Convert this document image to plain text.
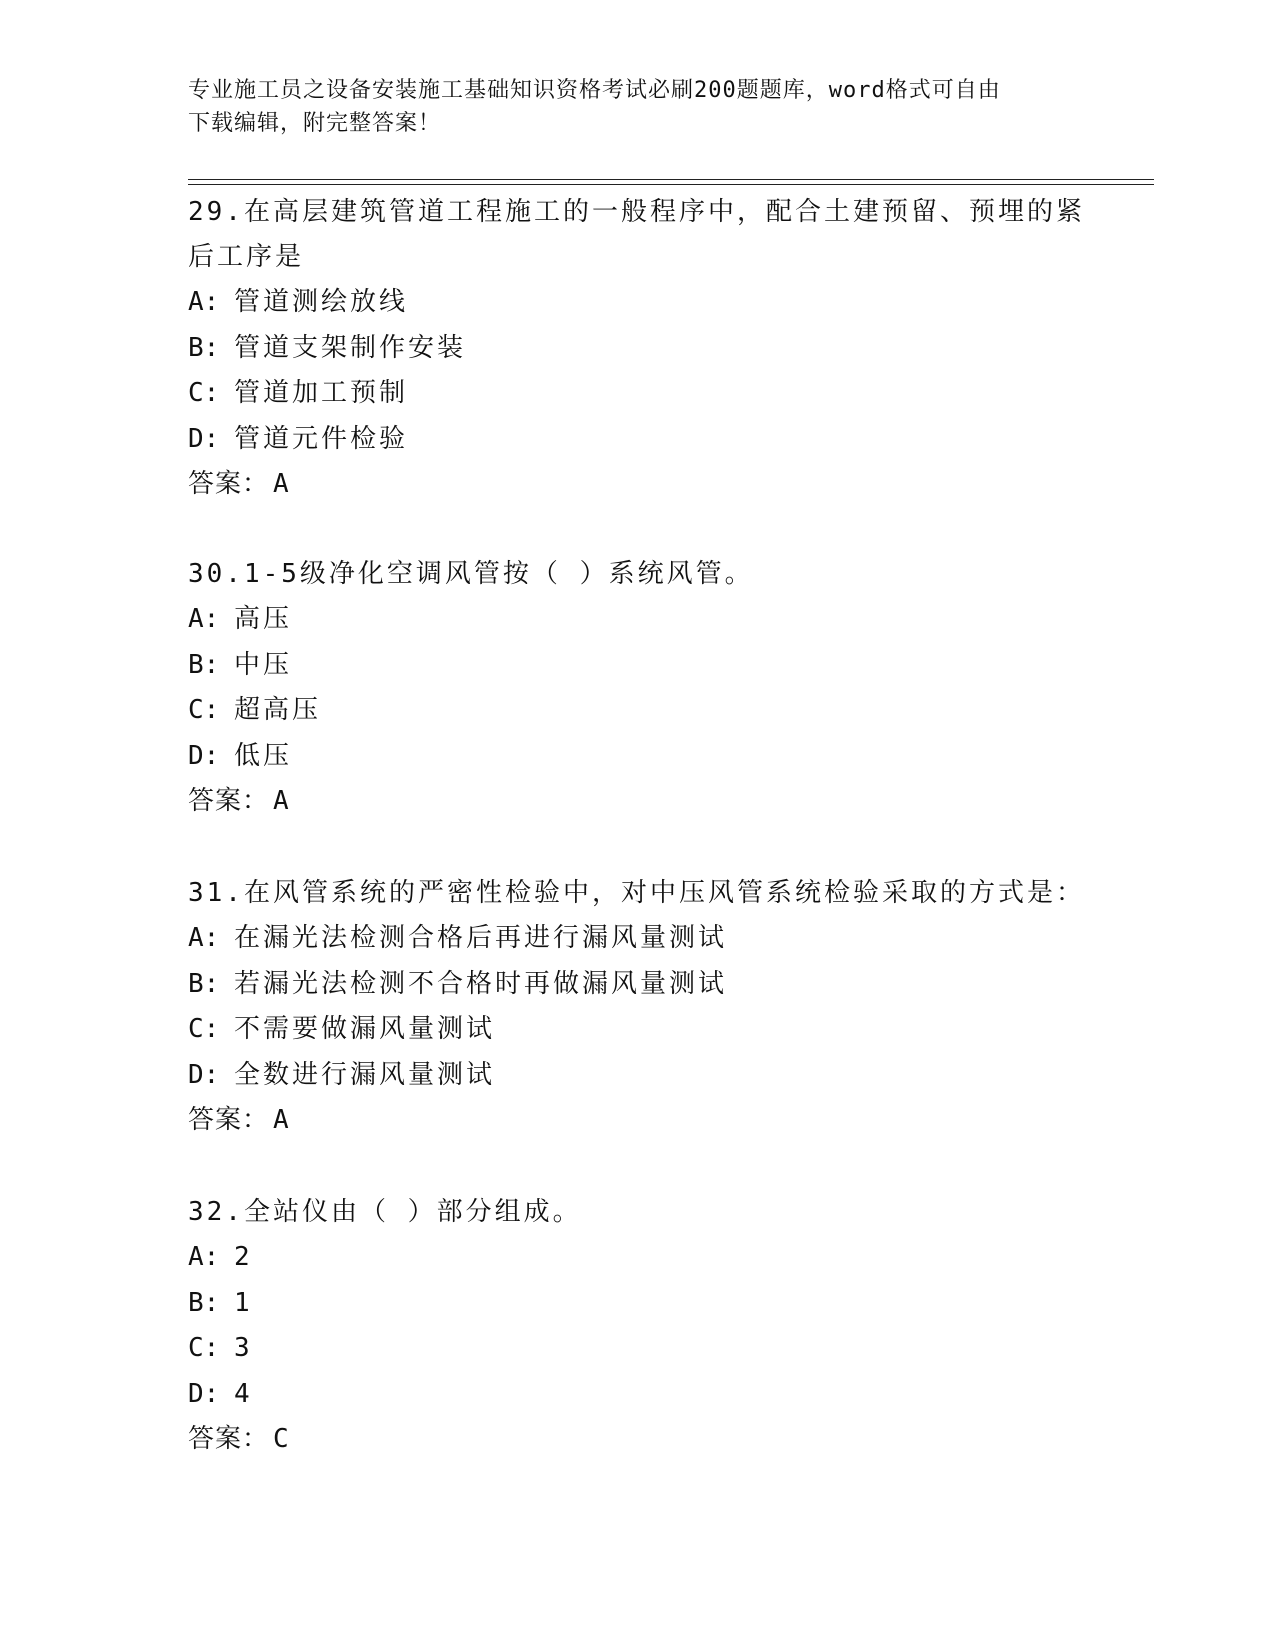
专业施工员之设备安装施工基础知识资格考试必刷200题题库，word格式可自由
下载编辑，附完整答案！
29.在高层建筑管道工程施工的一般程序中，配合土建预留、预埋的紧
后工序是
A: 管道测绘放线
B: 管道支架制作安装
C: 管道加工预制
D: 管道元件检验
答案： A
30.1-5级净化空调风管按（ ）系统风管。
A: 高压
B: 中压
C: 超高压
D: 低压
答案： A
31.在风管系统的严密性检验中，对中压风管系统检验采取的方式是：
A: 在漏光法检测合格后再进行漏风量测试
B: 若漏光法检测不合格时再做漏风量测试
C: 不需要做漏风量测试
D: 全数进行漏风量测试
答案： A
32.全站仪由（ ）部分组成。
A: 2
B: 1
C: 3
D: 4
答案： C
